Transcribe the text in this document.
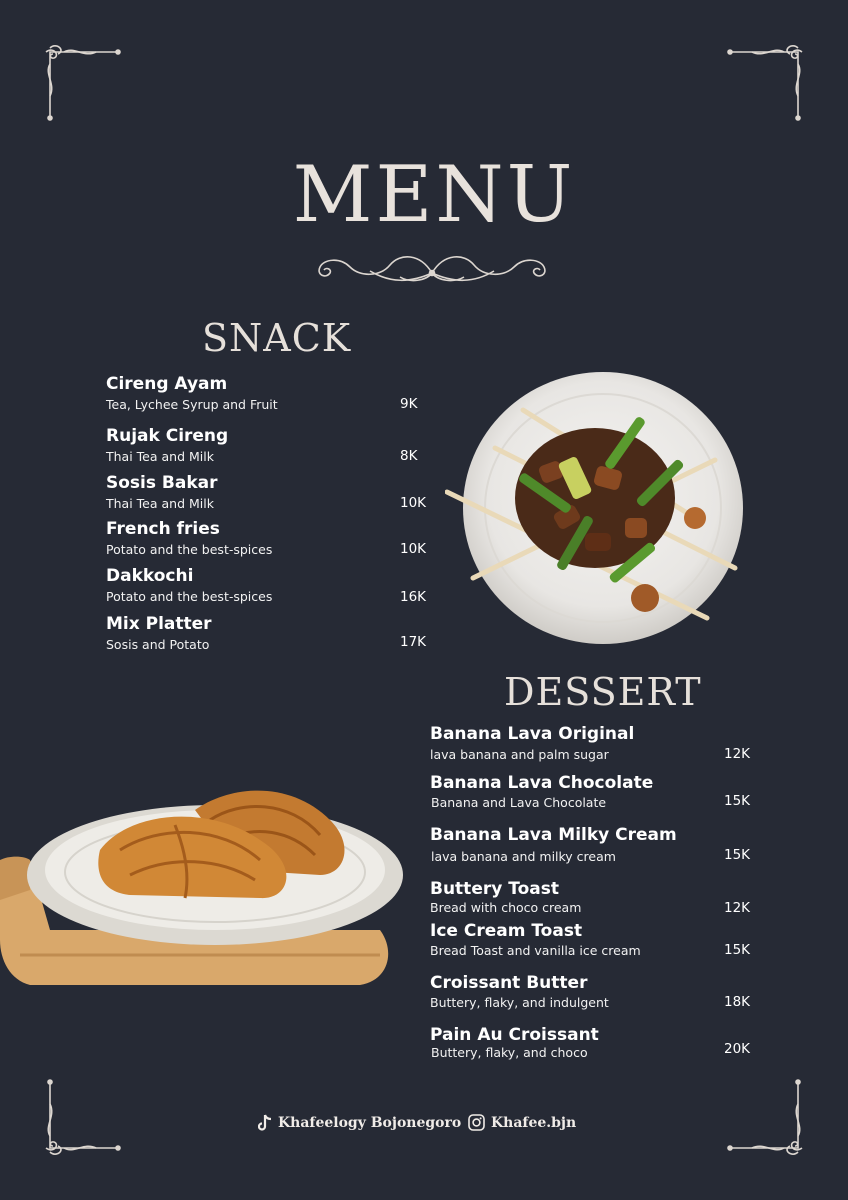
MENU
SNACK
Cireng Ayam
Tea, Lychee Syrup and Fruit	9K
Rujak Cireng
Thai Tea and Milk	8K
Sosis Bakar
Thai Tea and Milk	10K
French fries
Potato and the best-spices	10K
Dakkochi
Potato and the best-spices	16K
Mix Platter
Sosis and Potato	17K
DESSERT
Banana Lava Original
lava banana and palm sugar	12K
Banana Lava Chocolate
Banana and Lava Chocolate	15K
Banana Lava Milky Cream
lava banana and milky cream	15K
Buttery Toast
Bread with choco cream	12K
Ice Cream Toast
Bread Toast and vanilla ice cream	15K
Croissant Butter
Buttery, flaky, and indulgent	18K
Pain Au Croissant
Buttery, flaky, and choco	20K
Khafeelogy Bojonegoro Khafee.bjn
